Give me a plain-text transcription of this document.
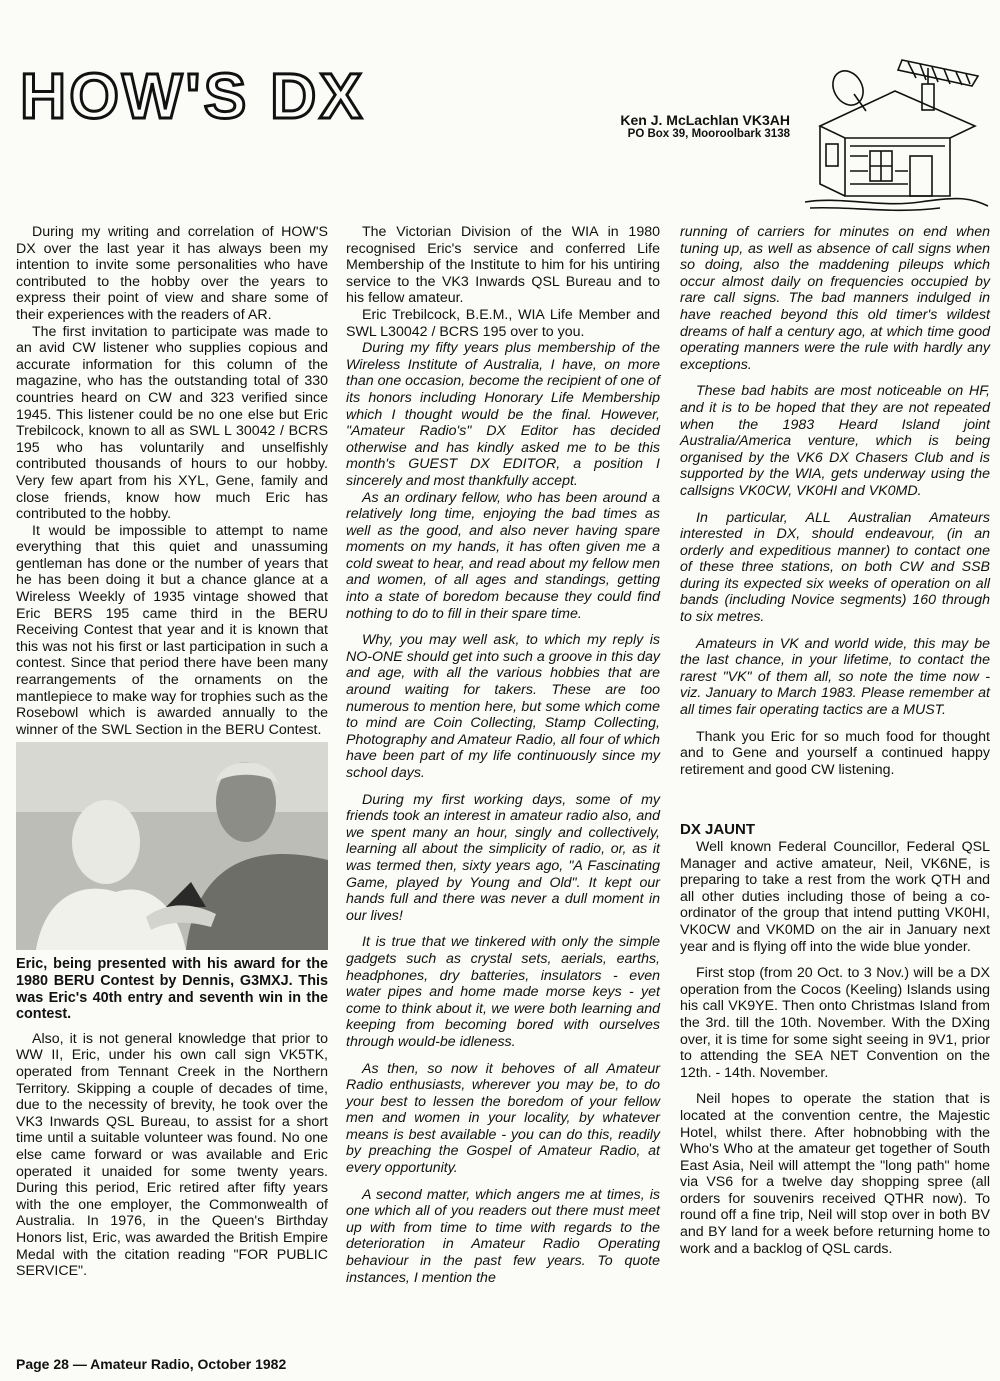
HOW'S DX	Ken J. McLachlan VK3AH
PO Box 39, Mooroolbark 3138

During my writing and correlation of HOW'S DX over the last year it has always been my intention to invite some personalities who have contributed to the hobby over the years to express their point of view and share some of their experiences with the readers of AR.

The first invitation to participate was made to an avid CW listener who supplies copious and accurate information for this column of the magazine, who has the outstanding total of 330 countries heard on CW and 323 verified since 1945. This listener could be no one else but Eric Trebilcock, known to all as SWL L 30042 / BCRS 195 who has voluntarily and unselfishly contributed thousands of hours to our hobby. Very few apart from his XYL, Gene, family and close friends, know how much Eric has contributed to the hobby.

It would be impossible to attempt to name everything that this quiet and unassuming gentleman has done or the number of years that he has been doing it but a chance glance at a Wireless Weekly of 1935 vintage showed that Eric BERS 195 came third in the BERU Receiving Contest that year and it is known that this was not his first or last participation in such a contest. Since that period there have been many rearrangements of the ornaments on the mantlepiece to make way for trophies such as the Rosebowl which is awarded annually to the winner of the SWL Section in the BERU Contest.

Eric, being presented with his award for the 1980 BERU Contest by Dennis, G3MXJ. This was Eric's 40th entry and seventh win in the contest.

Also, it is not general knowledge that prior to WW II, Eric, under his own call sign VK5TK, operated from Tennant Creek in the Northern Territory. Skipping a couple of decades of time, due to the necessity of brevity, he took over the VK3 Inwards QSL Bureau, to assist for a short time until a suitable volunteer was found. No one else came forward or was available and Eric operated it unaided for some twenty years. During this period, Eric retired after fifty years with the one employer, the Commonwealth of Australia. In 1976, in the Queen's Birthday Honors list, Eric, was awarded the British Empire Medal with the citation reading "FOR PUBLIC SERVICE".

The Victorian Division of the WIA in 1980 recognised Eric's service and conferred Life Membership of the Institute to him for his untiring service to the VK3 Inwards QSL Bureau and to his fellow amateur.

Eric Trebilcock, B.E.M., WIA Life Member and SWL L30042 / BCRS 195 over to you.

During my fifty years plus membership of the Wireless Institute of Australia, I have, on more than one occasion, become the recipient of one of its honors including Honorary Life Membership which I thought would be the final. However, "Amateur Radio's" DX Editor has decided otherwise and has kindly asked me to be this month's GUEST DX EDITOR, a position I sincerely and most thankfully accept.

As an ordinary fellow, who has been around a relatively long time, enjoying the bad times as well as the good, and also never having spare moments on my hands, it has often given me a cold sweat to hear, and read about my fellow men and women, of all ages and standings, getting into a state of boredom because they could find nothing to do to fill in their spare time.

Why, you may well ask, to which my reply is NO-ONE should get into such a groove in this day and age, with all the various hobbies that are around waiting for takers. These are too numerous to mention here, but some which come to mind are Coin Collecting, Stamp Collecting, Photography and Amateur Radio, all four of which have been part of my life continuously since my school days.

During my first working days, some of my friends took an interest in amateur radio also, and we spent many an hour, singly and collectively, learning all about the simplicity of radio, or, as it was termed then, sixty years ago, "A Fascinating Game, played by Young and Old". It kept our hands full and there was never a dull moment in our lives!

It is true that we tinkered with only the simple gadgets such as crystal sets, aerials, earths, headphones, dry batteries, insulators - even water pipes and home made morse keys - yet come to think about it, we were both learning and keeping from becoming bored with ourselves through would-be idleness.

As then, so now it behoves of all Amateur Radio enthusiasts, wherever you may be, to do your best to lessen the boredom of your fellow men and women in your locality, by whatever means is best available - you can do this, readily by preaching the Gospel of Amateur Radio, at every opportunity.

A second matter, which angers me at times, is one which all of you readers out there must meet up with from time to time with regards to the deterioration in Amateur Radio Operating behaviour in the past few years. To quote instances, I mention the

running of carriers for minutes on end when tuning up, as well as absence of call signs when so doing, also the maddening pileups which occur almost daily on frequencies occupied by rare call signs. The bad manners indulged in have reached beyond this old timer's wildest dreams of half a century ago, at which time good operating manners were the rule with hardly any exceptions.

These bad habits are most noticeable on HF, and it is to be hoped that they are not repeated when the 1983 Heard Island joint Australia/America venture, which is being organised by the VK6 DX Chasers Club and is supported by the WIA, gets underway using the callsigns VK0CW, VK0HI and VK0MD.

In particular, ALL Australian Amateurs interested in DX, should endeavour, (in an orderly and expeditious manner) to contact one of these three stations, on both CW and SSB during its expected six weeks of operation on all bands (including Novice segments) 160 through to six metres.

Amateurs in VK and world wide, this may be the last chance, in your lifetime, to contact the rarest "VK" of them all, so note the time now - viz. January to March 1983. Please remember at all times fair operating tactics are a MUST.

Thank you Eric for so much food for thought and to Gene and yourself a continued happy retirement and good CW listening.

DX JAUNT

Well known Federal Councillor, Federal QSL Manager and active amateur, Neil, VK6NE, is preparing to take a rest from the work QTH and all other duties including those of being a co-ordinator of the group that intend putting VK0HI, VK0CW and VK0MD on the air in January next year and is flying off into the wide blue yonder.

First stop (from 20 Oct. to 3 Nov.) will be a DX operation from the Cocos (Keeling) Islands using his call VK9YE. Then onto Christmas Island from the 3rd. till the 10th. November. With the DXing over, it is time for some sight seeing in 9V1, prior to attending the SEA NET Convention on the 12th. - 14th. November.

Neil hopes to operate the station that is located at the convention centre, the Majestic Hotel, whilst there. After hobnobbing with the Who's Who at the amateur get together of South East Asia, Neil will attempt the "long path" home via VS6 for a twelve day shopping spree (all orders for souvenirs received QTHR now). To round off a fine trip, Neil will stop over in both BV and BY land for a week before returning home to work and a backlog of QSL cards.

Page 28 — Amateur Radio, October 1982
